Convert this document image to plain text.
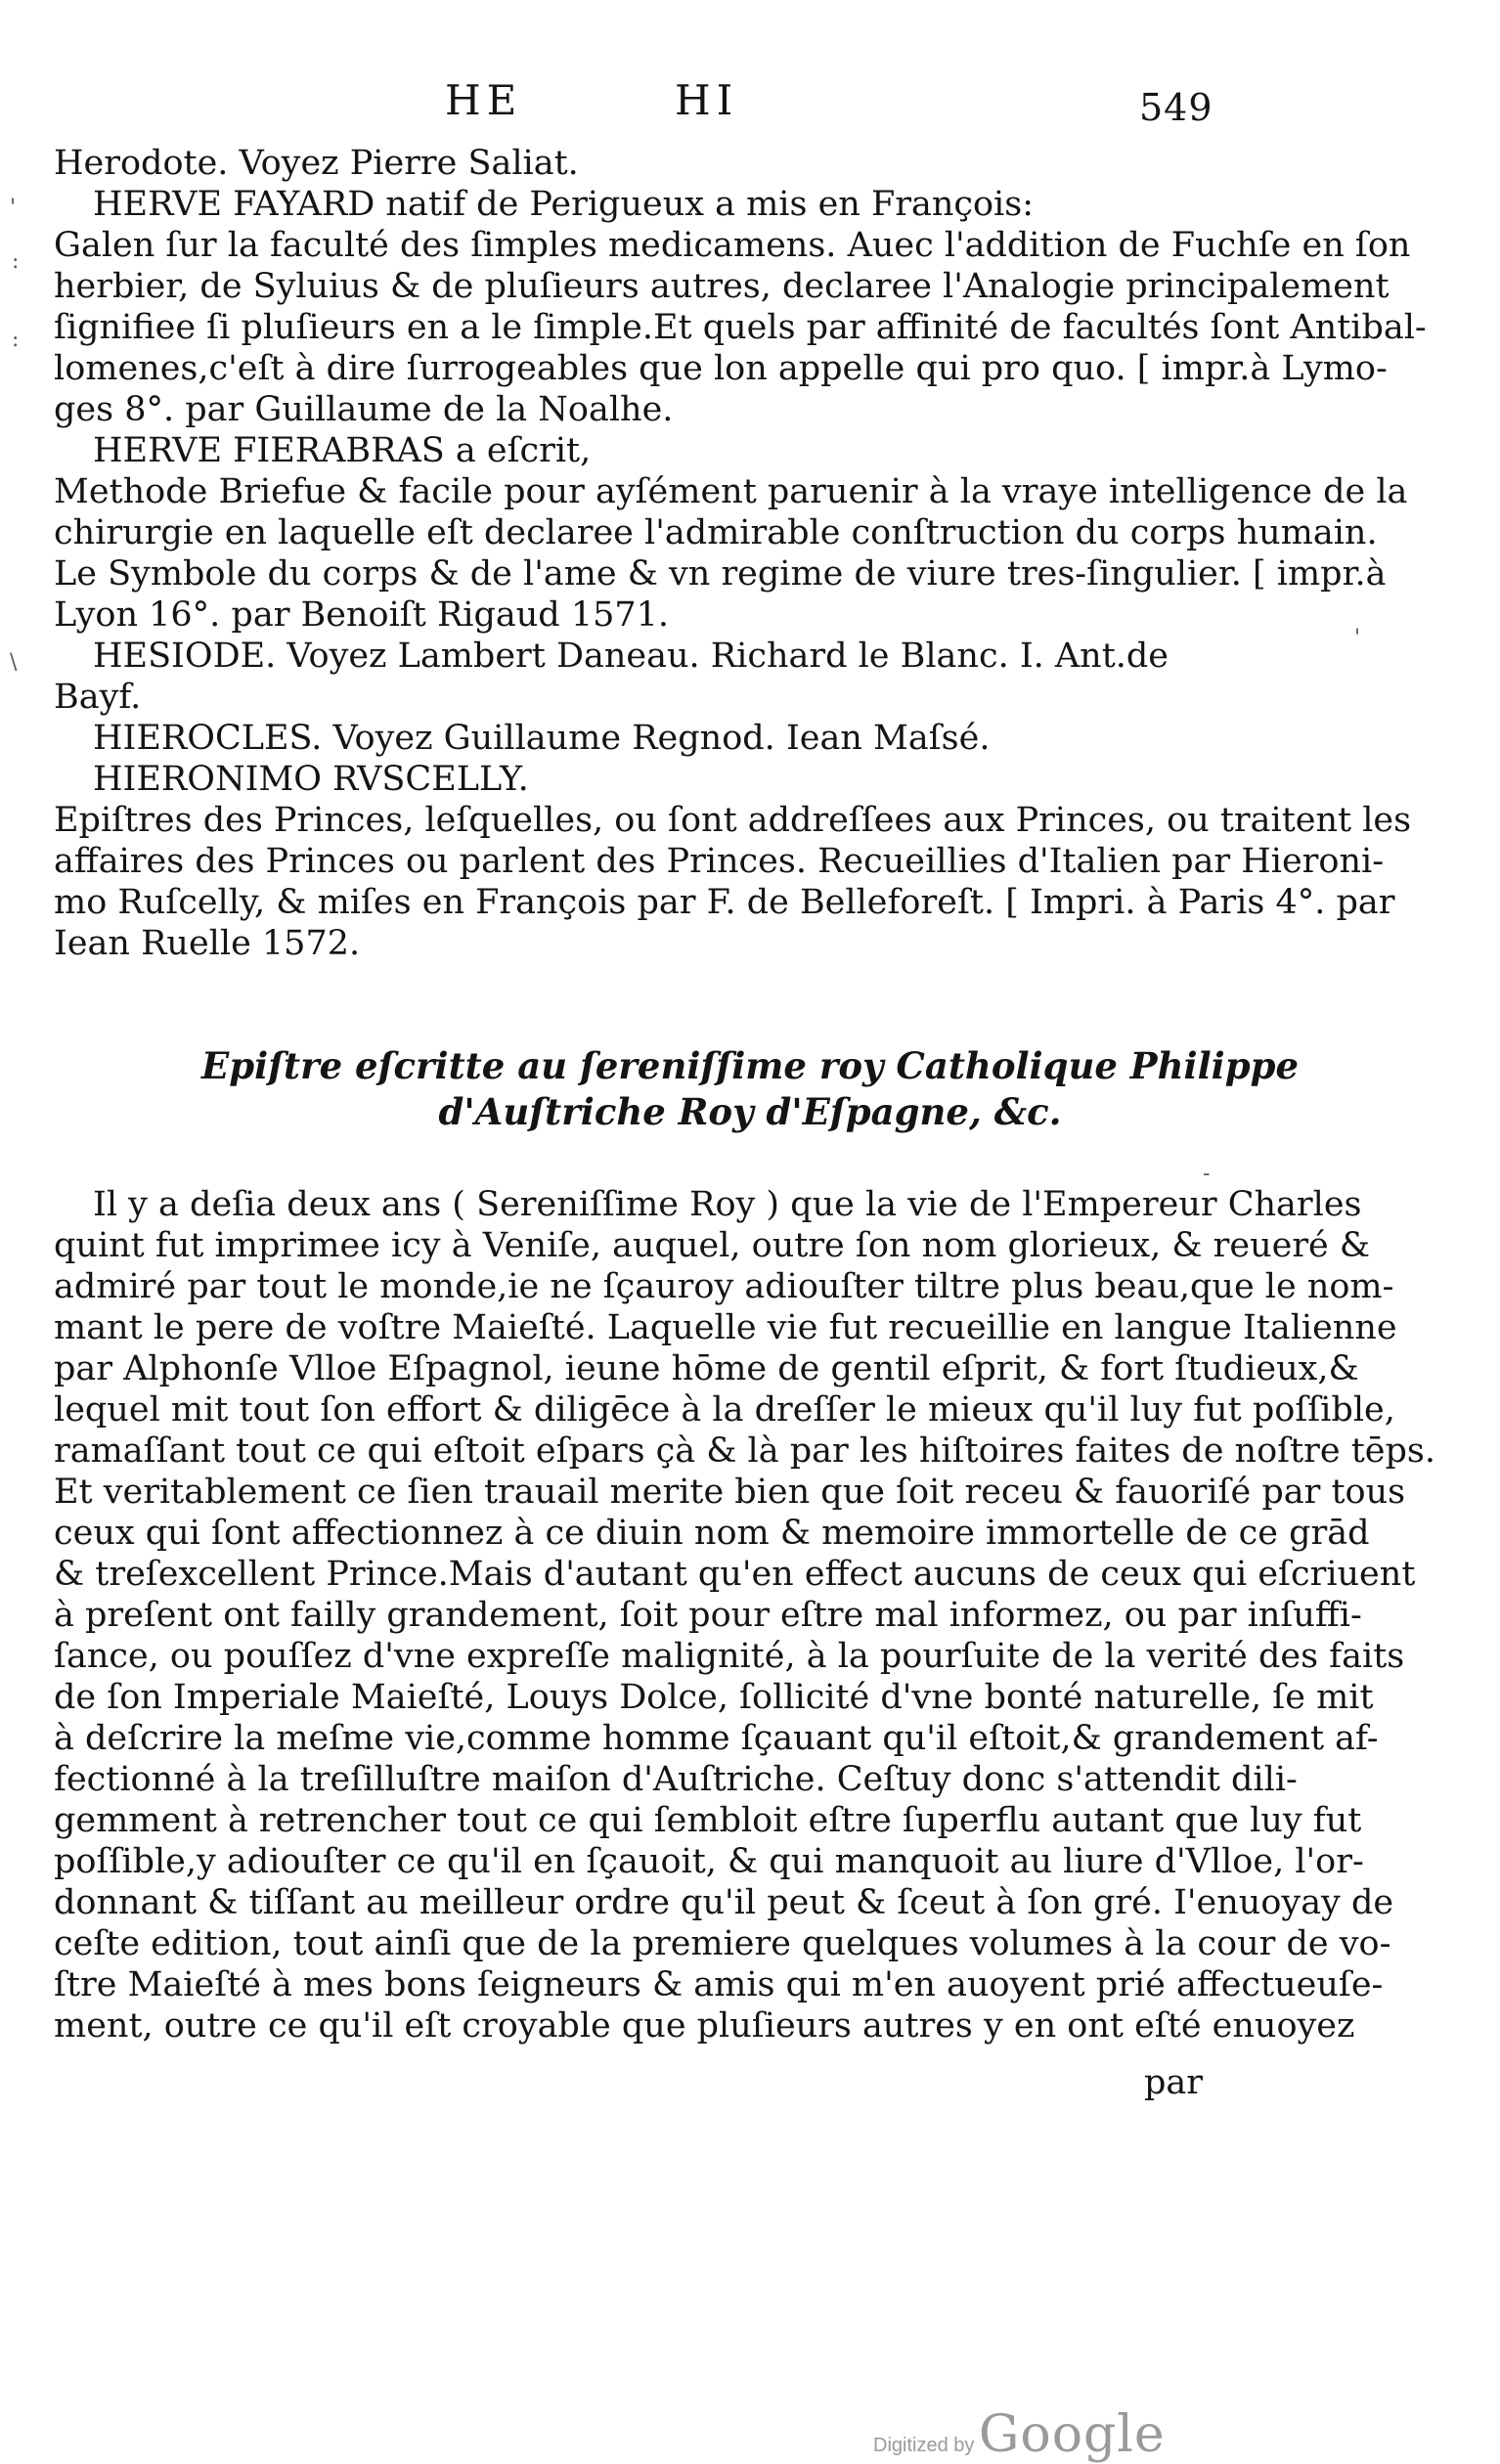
HE	HI	549
Herodote. Voyez Pierre Saliat.
HERVE FAYARD natif de Perigueux a mis en François:
Galen ſur la faculté des ſimples medicamens. Auec l'addition de Fuchſe en ſon
herbier, de Syluius & de pluſieurs autres, declaree l'Analogie principalement
ſignifiee ſi pluſieurs en a le ſimple.Et quels par affinité de facultés ſont Antibal-
lomenes,c'eſt à dire ſurrogeables que lon appelle qui pro quo. [ impr.à Lymo-
ges 8°. par Guillaume de la Noalhe.
HERVE FIERABRAS a eſcrit,
Methode Briefue & facile pour ayſément paruenir à la vraye intelligence de la
chirurgie en laquelle eſt declaree l'admirable conſtruction du corps humain.
Le Symbole du corps & de l'ame & vn regime de viure tres-ſingulier. [ impr.à
Lyon 16°. par Benoiſt Rigaud 1571.
HESIODE. Voyez Lambert Daneau. Richard le Blanc. I. Ant.de
Bayf.
HIEROCLES. Voyez Guillaume Regnod. Iean Maſsé.
HIERONIMO RVSCELLY.
Epiſtres des Princes, leſquelles, ou ſont addreſſees aux Princes, ou traitent les
affaires des Princes ou parlent des Princes. Recueillies d'Italien par Hieroni-
mo Ruſcelly, & miſes en François par F. de Belleforeſt. [ Impri. à Paris 4°. par
Iean Ruelle 1572.
Epiſtre eſcritte au ſereniſſime roy Catholique Philippe
d'Auſtriche Roy d'Eſpagne, &c.
Il y a deſia deux ans ( Sereniſſime Roy ) que la vie de l'Empereur Charles
quint fut imprimee icy à Veniſe, auquel, outre ſon nom glorieux, & reueré &
admiré par tout le monde,ie ne ſçauroy adiouſter tiltre plus beau,que le nom-
mant le pere de voſtre Maieſté. Laquelle vie fut recueillie en langue Italienne
par Alphonſe Vlloe Eſpagnol, ieune hōme de gentil eſprit, & fort ſtudieux,&
lequel mit tout ſon effort & diligēce à la dreſſer le mieux qu'il luy fut poſſible,
ramaſſant tout ce qui eſtoit eſpars çà & là par les hiſtoires faites de noſtre tēps.
Et veritablement ce ſien trauail merite bien que ſoit receu & fauoriſé par tous
ceux qui ſont affectionnez à ce diuin nom & memoire immortelle de ce grād
& treſexcellent Prince.Mais d'autant qu'en effect aucuns de ceux qui eſcriuent
à preſent ont failly grandement, ſoit pour eſtre mal informez, ou par inſuffi-
ſance, ou pouſſez d'vne expreſſe malignité, à la pourſuite de la verité des faits
de ſon Imperiale Maieſté, Louys Dolce, ſollicité d'vne bonté naturelle, ſe mit
à deſcrire la meſme vie,comme homme ſçauant qu'il eſtoit,& grandement af-
fectionné à la treſilluſtre maiſon d'Auſtriche. Ceſtuy donc s'attendit dili-
gemment à retrencher tout ce qui ſembloit eſtre ſuperflu autant que luy fut
poſſible,y adiouſter ce qu'il en ſçauoit, & qui manquoit au liure d'Vlloe, l'or-
donnant & tiſſant au meilleur ordre qu'il peut & ſceut à ſon gré. I'enuoyay de
ceſte edition, tout ainſi que de la premiere quelques volumes à la cour de vo-
ſtre Maieſté à mes bons ſeigneurs & amis qui m'en auoyent prié affectueuſe-
ment, outre ce qu'il eſt croyable que pluſieurs autres y en ont eſté enuoyez
par
'
:
:
\
'
-
Digitized by Google
